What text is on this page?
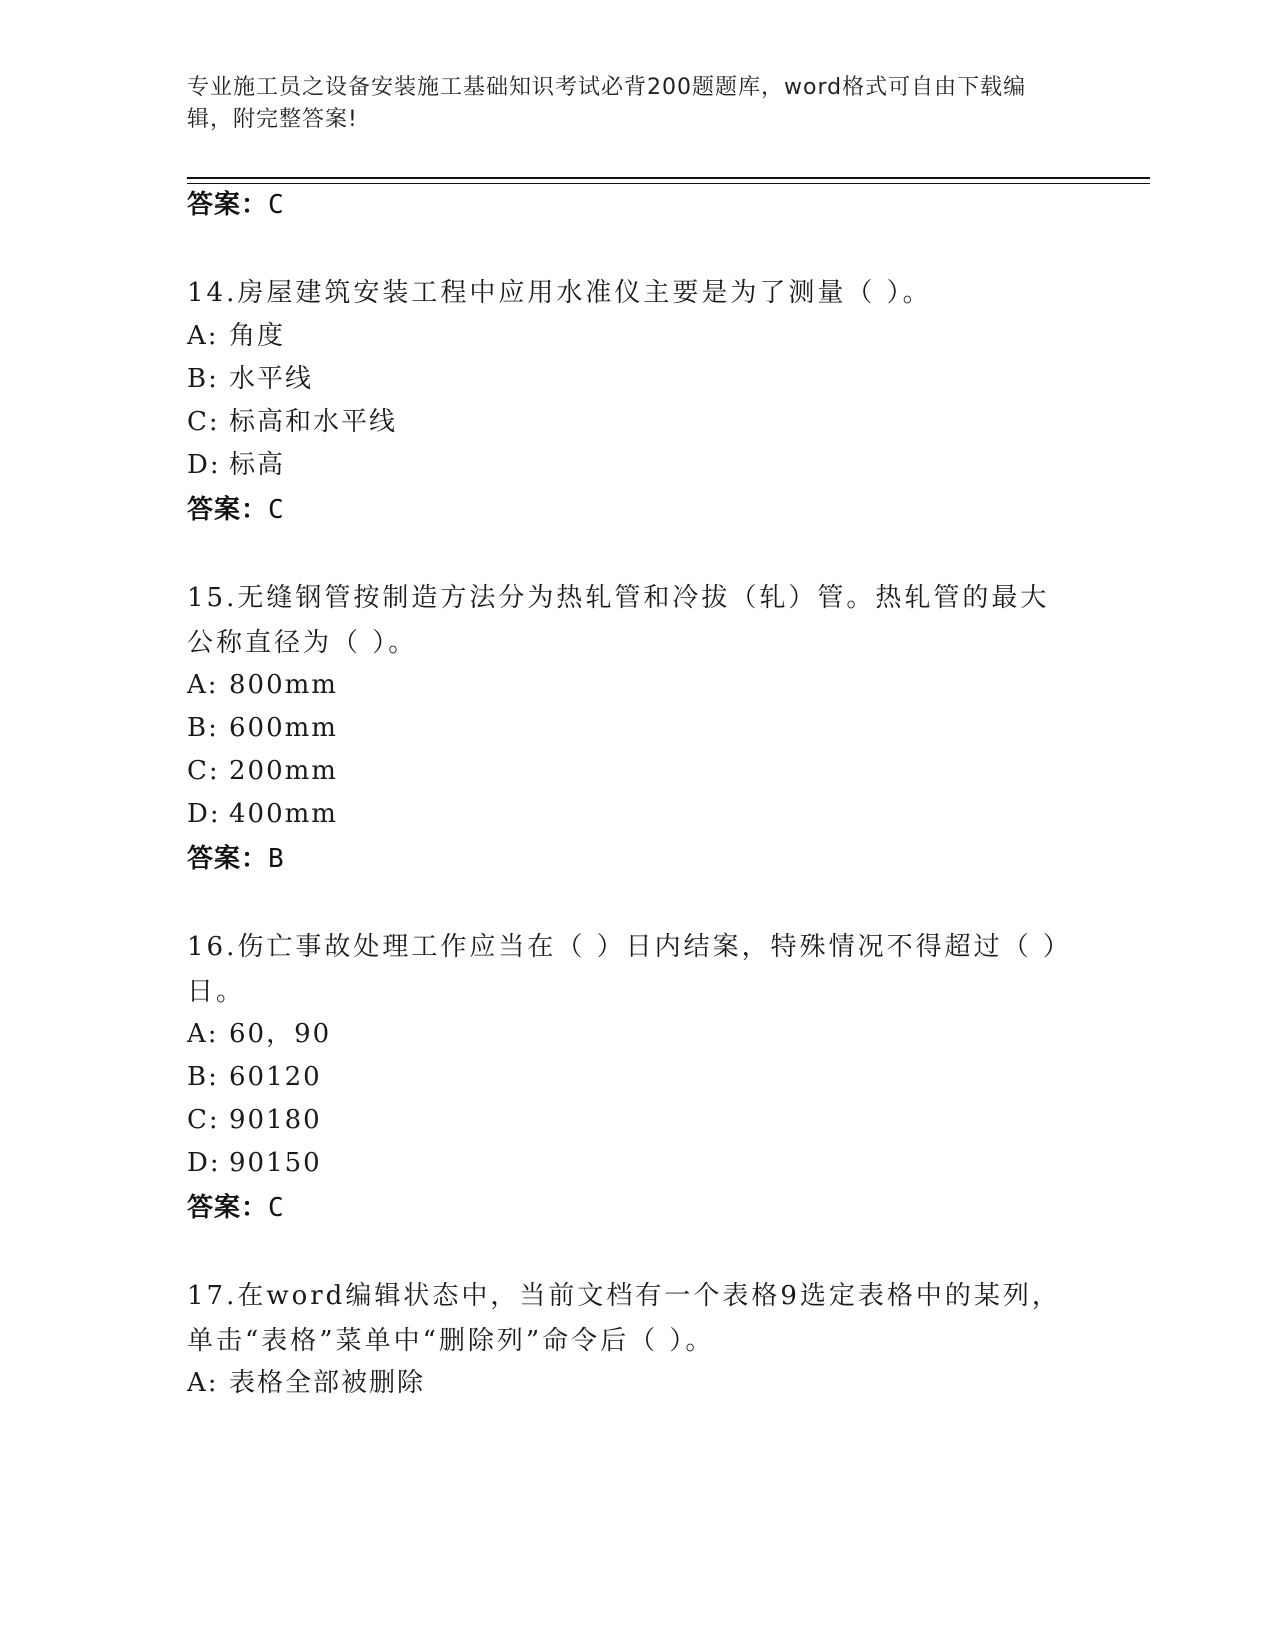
专业施工员之设备安装施工基础知识考试必背200题题库，word格式可自由下载编辑，附完整答案!
答案：C
14.房屋建筑安装工程中应用水准仪主要是为了测量（ ）。
A: 角度
B: 水平线
C: 标高和水平线
D: 标高
答案：C
15.无缝钢管按制造方法分为热轧管和冷拔（轧）管。热轧管的最大公称直径为（ ）。
A: 800mm
B: 600mm
C: 200mm
D: 400mm
答案：B
16.伤亡事故处理工作应当在（ ）日内结案，特殊情况不得超过（ ）日。
A: 60，90
B: 60120
C: 90180
D: 90150
答案：C
17.在word编辑状态中，当前文档有一个表格9选定表格中的某列，单击“表格”菜单中“删除列”命令后（ ）。
A: 表格全部被删除
